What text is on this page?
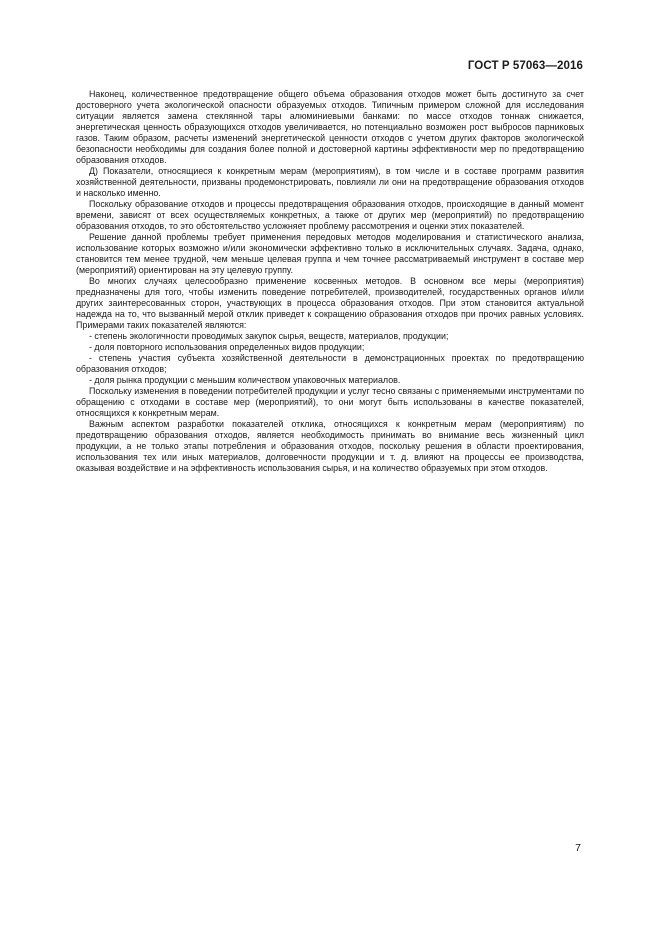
ГОСТ Р 57063—2016

Наконец, количественное предотвращение общего объема образования отходов может быть достигнуто за счет достоверного учета экологической опасности образуемых отходов. Типичным примером сложной для исследования ситуации является замена стеклянной тары алюминиевыми банками: по массе отходов тоннаж снижается, энергетическая ценность образующихся отходов увеличивается, но потенциально возможен рост выбросов парниковых газов. Таким образом, расчеты изменений энергетической ценности отходов с учетом других факторов экологической безопасности необходимы для создания более полной и достоверной картины эффективности мер по предотвращению образования отходов.

Д) Показатели, относящиеся к конкретным мерам (мероприятиям), в том числе и в составе программ развития хозяйственной деятельности, призваны продемонстрировать, повлияли ли они на предотвращение образования отходов и насколько именно.

Поскольку образование отходов и процессы предотвращения образования отходов, происходящие в данный момент времени, зависят от всех осуществляемых конкретных, а также от других мер (мероприятий) по предотвращению образования отходов, то это обстоятельство усложняет проблему рассмотрения и оценки этих показателей.

Решение данной проблемы требует применения передовых методов моделирования и статистического анализа, использование которых возможно и/или экономически эффективно только в исключительных случаях. Задача, однако, становится тем менее трудной, чем меньше целевая группа и чем точнее рассматриваемый инструмент в составе мер (мероприятий) ориентирован на эту целевую группу.

Во многих случаях целесообразно применение косвенных методов. В основном все меры (мероприятия) предназначены для того, чтобы изменить поведение потребителей, производителей, государственных органов и/или других заинтересованных сторон, участвующих в процесса образования отходов. При этом становится актуальной надежда на то, что вызванный мерой отклик приведет к сокращению образования отходов при прочих равных условиях. Примерами таких показателей являются:

- степень экологичности проводимых закупок сырья, веществ, материалов, продукции;

- доля повторного использования определенных видов продукции;

- степень участия субъекта хозяйственной деятельности в демонстрационных проектах по предотвращению образования отходов;

- доля рынка продукции с меньшим количеством упаковочных материалов.

Поскольку изменения в поведении потребителей продукции и услуг тесно связаны с применяемыми инструментами по обращению с отходами в составе мер (мероприятий), то они могут быть использованы в качестве показателей, относящихся к конкретным мерам.

Важным аспектом разработки показателей отклика, относящихся к конкретным мерам (мероприятиям) по предотвращению образования отходов, является необходимость принимать во внимание весь жизненный цикл продукции, а не только этапы потребления и образования отходов, поскольку решения в области проектирования, использования тех или иных материалов, долговечности продукции и т. д. влияют на процессы ее производства, оказывая воздействие и на эффективность использования сырья, и на количество образуемых при этом отходов.

7
